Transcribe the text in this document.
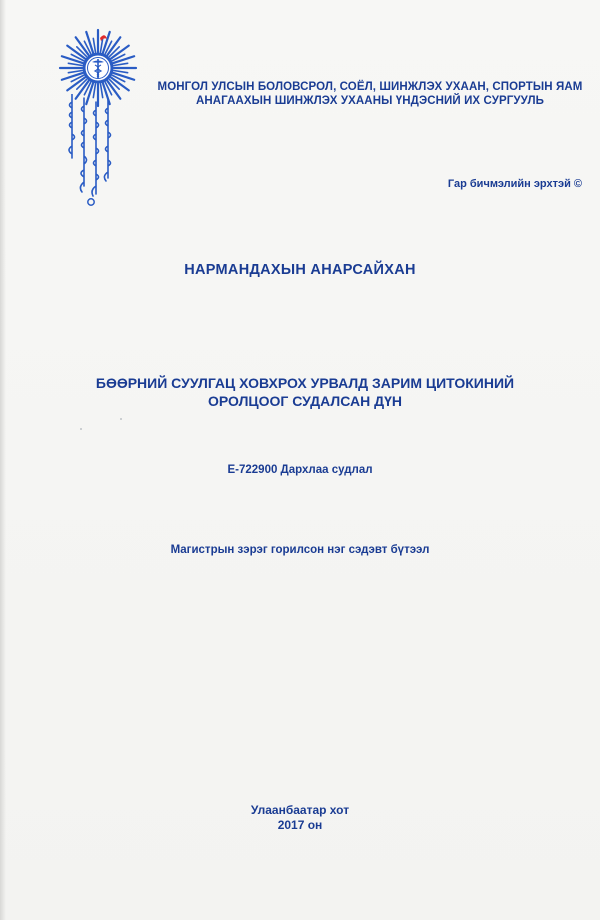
МОНГОЛ УЛСЫН БОЛОВСРОЛ, СОЁЛ, ШИНЖЛЭХ УХААН, СПОРТЫН ЯАМ
АНАГААХЫН ШИНЖЛЭХ УХААНЫ ҮНДЭСНИЙ ИХ СУРГУУЛЬ
Гар бичмэлийн эрхтэй ©
НАРМАНДАХЫН АНАРСАЙХАН
БӨӨРНИЙ СУУЛГАЦ ХОВХРОХ УРВАЛД ЗАРИМ ЦИТОКИНИЙ
ОРОЛЦООГ СУДАЛСАН ДҮН
Е-722900 Дархлаа судлал
Магистрын зэрэг горилсон нэг сэдэвт бүтээл
Улаанбаатар хот
2017 он
